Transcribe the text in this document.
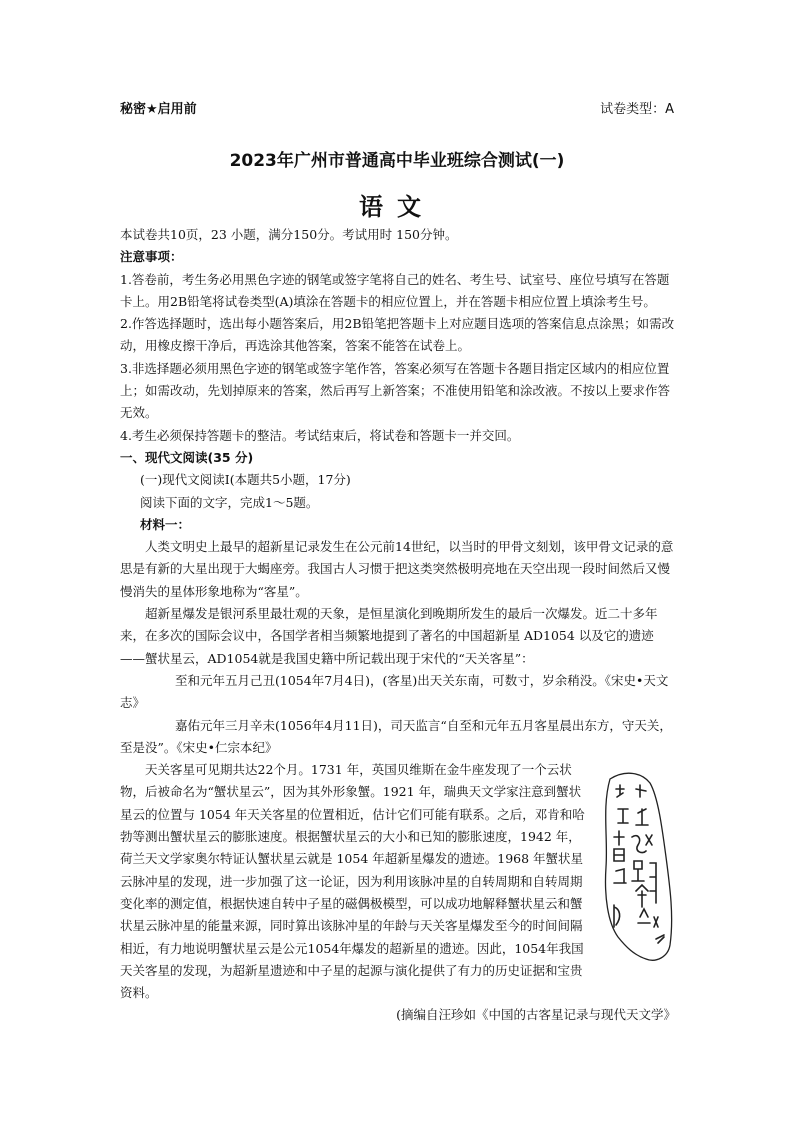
秘密★启用前	试卷类型：A
2023年广州市普通高中毕业班综合测试(一)
语文

本试卷共10页，23 小题，满分150分。考试用时 150分钟。

注意事项：

1.答卷前，考生务必用黑色字迹的钢笔或签字笔将自己的姓名、考生号、试室号、座位号填写在答题卡上。用2B铅笔将试卷类型(A)填涂在答题卡的相应位置上，并在答题卡相应位置上填涂考生号。

2.作答选择题时，选出每小题答案后，用2B铅笔把答题卡上对应题目选项的答案信息点涂黑；如需改动，用橡皮擦干净后，再选涂其他答案，答案不能答在试卷上。

3.非选择题必须用黑色字迹的钢笔或签字笔作答，答案必须写在答题卡各题目指定区域内的相应位置上；如需改动，先划掉原来的答案，然后再写上新答案；不准使用铅笔和涂改液。不按以上要求作答无效。

4.考生必须保持答题卡的整洁。考试结束后，将试卷和答题卡一并交回。

一、现代文阅读(35 分)

(一)现代文阅读Ⅰ(本题共5小题，17分)

阅读下面的文字，完成1～5题。

材料一：

人类文明史上最早的超新星记录发生在公元前14世纪，以当时的甲骨文刻划，该甲骨文记录的意思是有新的大星出现于大蝎座旁。我国古人习惯于把这类突然极明亮地在天空出现一段时间然后又慢慢消失的星体形象地称为“客星”。

超新星爆发是银河系里最壮观的天象，是恒星演化到晚期所发生的最后一次爆发。近二十多年来，在多次的国际会议中，各国学者相当频繁地提到了著名的中国超新星 AD1054 以及它的遗迹——蟹状星云，AD1054就是我国史籍中所记载出现于宋代的“天关客星”：

至和元年五月己丑(1054年7月4日)，(客星)出天关东南，可数寸，岁余稍没。《宋史•天文志》

嘉佑元年三月辛未(1056年4月11日)，司天监言“自至和元年五月客星晨出东方，守天关，至是没”。《宋史•仁宗本纪》

天关客星可见期共达22个月。1731 年，英国贝维斯在金牛座发现了一个云状物，后被命名为“蟹状星云”，因为其外形象蟹。1921 年，瑞典天文学家注意到蟹状星云的位置与 1054 年天关客星的位置相近，估计它们可能有联系。之后，邓肯和哈勃等测出蟹状星云的膨胀速度。根据蟹状星云的大小和已知的膨胀速度，1942 年，荷兰天文学家奥尔特证认蟹状星云就是 1054 年超新星爆发的遗迹。1968 年蟹状星云脉冲星的发现，进一步加强了这一论证，因为利用该脉冲星的自转周期和自转周期变化率的测定值，根据快速自转中子星的磁偶极模型，可以成功地解释蟹状星云和蟹状星云脉冲星的能量来源，同时算出该脉冲星的年龄与天关客星爆发至今的时间间隔相近，有力地说明蟹状星云是公元1054年爆发的超新星的遗迹。因此，1054年我国天关客星的发现，为超新星遗迹和中子星的起源与演化提供了有力的历史证据和宝贵资料。

(摘编自汪珍如《中国的古客星记录与现代天文学》
